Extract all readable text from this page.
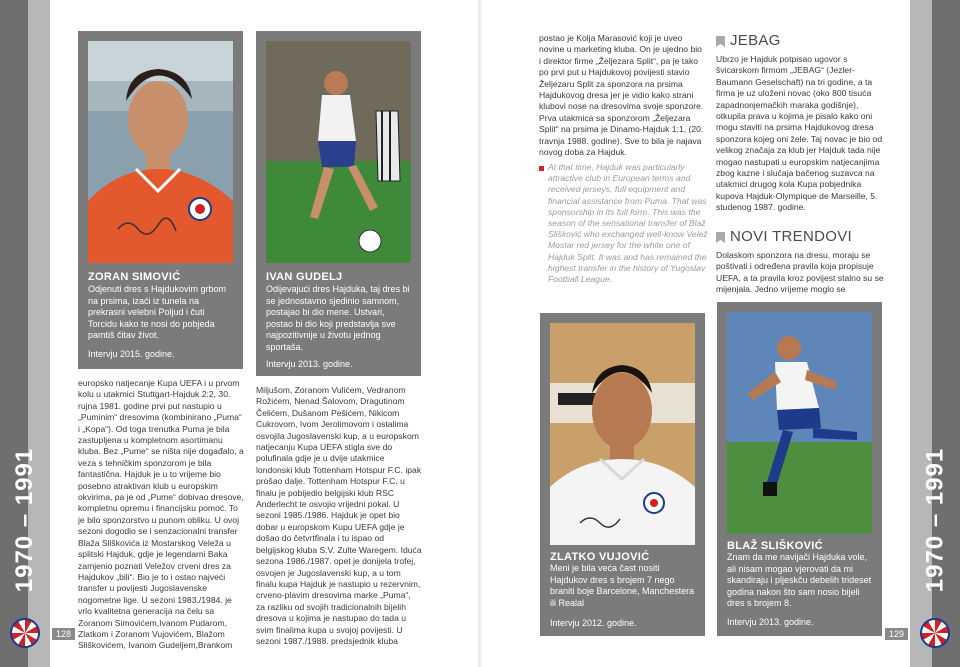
1970 – 1991	1970 – 1991
128	129
ZORAN SIMOVIĆ
Odjenuti dres s Hajdukovim grbom na prsima, izaći iz tunela na prekrasni velebni Poljud i čuti Torcidu kako te nosi do pobjeda pamtiš čitav život.
Intervju 2015. godine.
IVAN GUDELJ
Odijevajući dres Hajduka, taj dres bi se jednostavno sjedinio samnom, postajao bi dio mene. Ustvari, postao bi dio koji predstavlja sve najpozitivnije u životu jednog sportaša.
Intervju 2013. godine.
europsko natjecanje Kupa UEFA i u prvom kolu u utakmici Stuttgart-Hajduk 2:2, 30. rujna 1981. godine prvi put nastupio u „Puminim“ dresovima (kombinirano „Puma“ i „Kopa“). Od toga trenutka Puma je bila zastupljena u kompletnom asortimanu kluba. Bez „Pume“ se ništa nije događalo, a veza s tehničkim sponzorom je bila fantastična. Hajduk je u to vrijeme bio posebno atraktivan klub u europskim okvirima, pa je od „Pume“ dobivao dresove, kompletnu opremu i financijsku pomoć. To je bilo sponzorstvo u punom obliku. U ovoj sezoni dogodio se i senzacionalni transfer Blaža Sliškovića iz Mostarskog Veleža u splitski Hajduk, gdje je legendarni Baka zamjenio poznati Veležov crveni dres za Hajdukov „bili“. Bio je to i ostao najveći transfer u povijesti Jugoslavenske nogometne lige. U sezoni 1983./1984. je vrlo kvalitetna generacija na čelu sa Zoranom Simovićem,Ivanom Pudarom, Zlatkom i Zoranom Vujovićem, Blažom Sliškovićem, Ivanom Gudeljem,Brankom
Miljušom, Zoranom Vulićem, Vedranom Rožićem, Nenad Šalovom, Dragutinom Čelićem, Dušanom Pešićem, Nikicom Cukrovom, Ivom Jerolimovom i ostalima osvojila Jugoslavenski kup, a u europskom natjecanju Kupa UEFA stigla sve do polufinala gdje je u dvije utakmice londonski klub Tottenham Hotspur F.C. ipak prošao dalje. Tottenham Hotspur F.C. u finalu je pobijedio belgijski klub RSC Anderlecht te osvojio vrijedni pokal. U sezoni 1985./1986. Hajduk je opet bio dobar u europskom Kupu UEFA gdje je došao do četvrtfinala i tu ispao od belgijskog kluba S.V. Zulte Waregem. Iduća sezona 1986./1987. opet je donijela trofej, osvojen je Jugoslavenski kup, a u tom finalu kupa Hajduk je nastupio u rezervnim, crveno-plavim dresovima marke „Puma“, za razliku od svojih tradicionalnih bijelih dresova u kojima je nastupao do tada u svim finalima kupa u svojoj povijesti. U sezoni 1987./1988. predsjednik kluba
postao je Kolja Marasović koji je uveo novine u marketing kluba. On je ujedno bio i direktor firme „Željezara Split“, pa je tako po prvi put u Hajdukovoj povijesti stavio Željezaru Split za sponzora na prsima Hajdukovog dresa jer je vidio kako strani klubovi nose na dresovima svoje sponzore. Prva utakmica sa sponzorom „Željezara Split“ na prsima je Dinamo-Hajduk 1:1, (20. travnja 1988. godine). Sve to bila je najava novog doba za Hajduk.
At that time, Hajduk was particularly attractive club in European terms and received jerseys, full equipment and financial assistance from Puma. That was sponsorship in its full form. This was the season of the sensational transfer of Blaž Slišković who exchanged well-know Velež Mostar red jersey for the white one of Hajduk Split. It was and has remained the highest transfer in the history of Yugoslav Football League.
JEBAG
Ubrzo je Hajduk potpisao ugovor s švicarskom firmom „JEBAG“ (Jezler-Baumann Geselschaft) na tri godine, a ta firma je uz uloženi novac (oko 800 tisuća zapadnonjemačkih maraka godišnje), otkupila prava u kojima je pisalo kako oni mogu staviti na prsima Hajdukovog dresa sponzora kojeg oni žele. Taj novac je bio od velikog značaja za klub jer Hajduk tada nije mogao nastupati u europskim natjecanjima zbog kazne i slučaja bačenog suzavca na utakmici drugog kola Kupa pobjednika kupova Hajduk-Olympique de Marseille, 5. studenog 1987. godine.
NOVI TRENDOVI
Dolaskom sponzora na dresu, moraju se poštivati i određena pravila koja propisuje UEFA, a ta pravila kroz povijest stalno su se mijenjala. Jedno vrijeme moglo se
ZLATKO VUJOVIĆ
Meni je bila veća čast nositi Hajdukov dres s brojem 7 nego braniti boje Barcelone, Manchestera ili Realal
Intervju 2012. godine.
BLAŽ SLIŠKOVIĆ
Znam da me navijači Hajduka vole, ali nisam mogao vjerovati da mi skandiraju i pljeskču debelih trideset godina nakon što sam nosio bijeli dres s brojem 8.
Intervju 2013. godine.
